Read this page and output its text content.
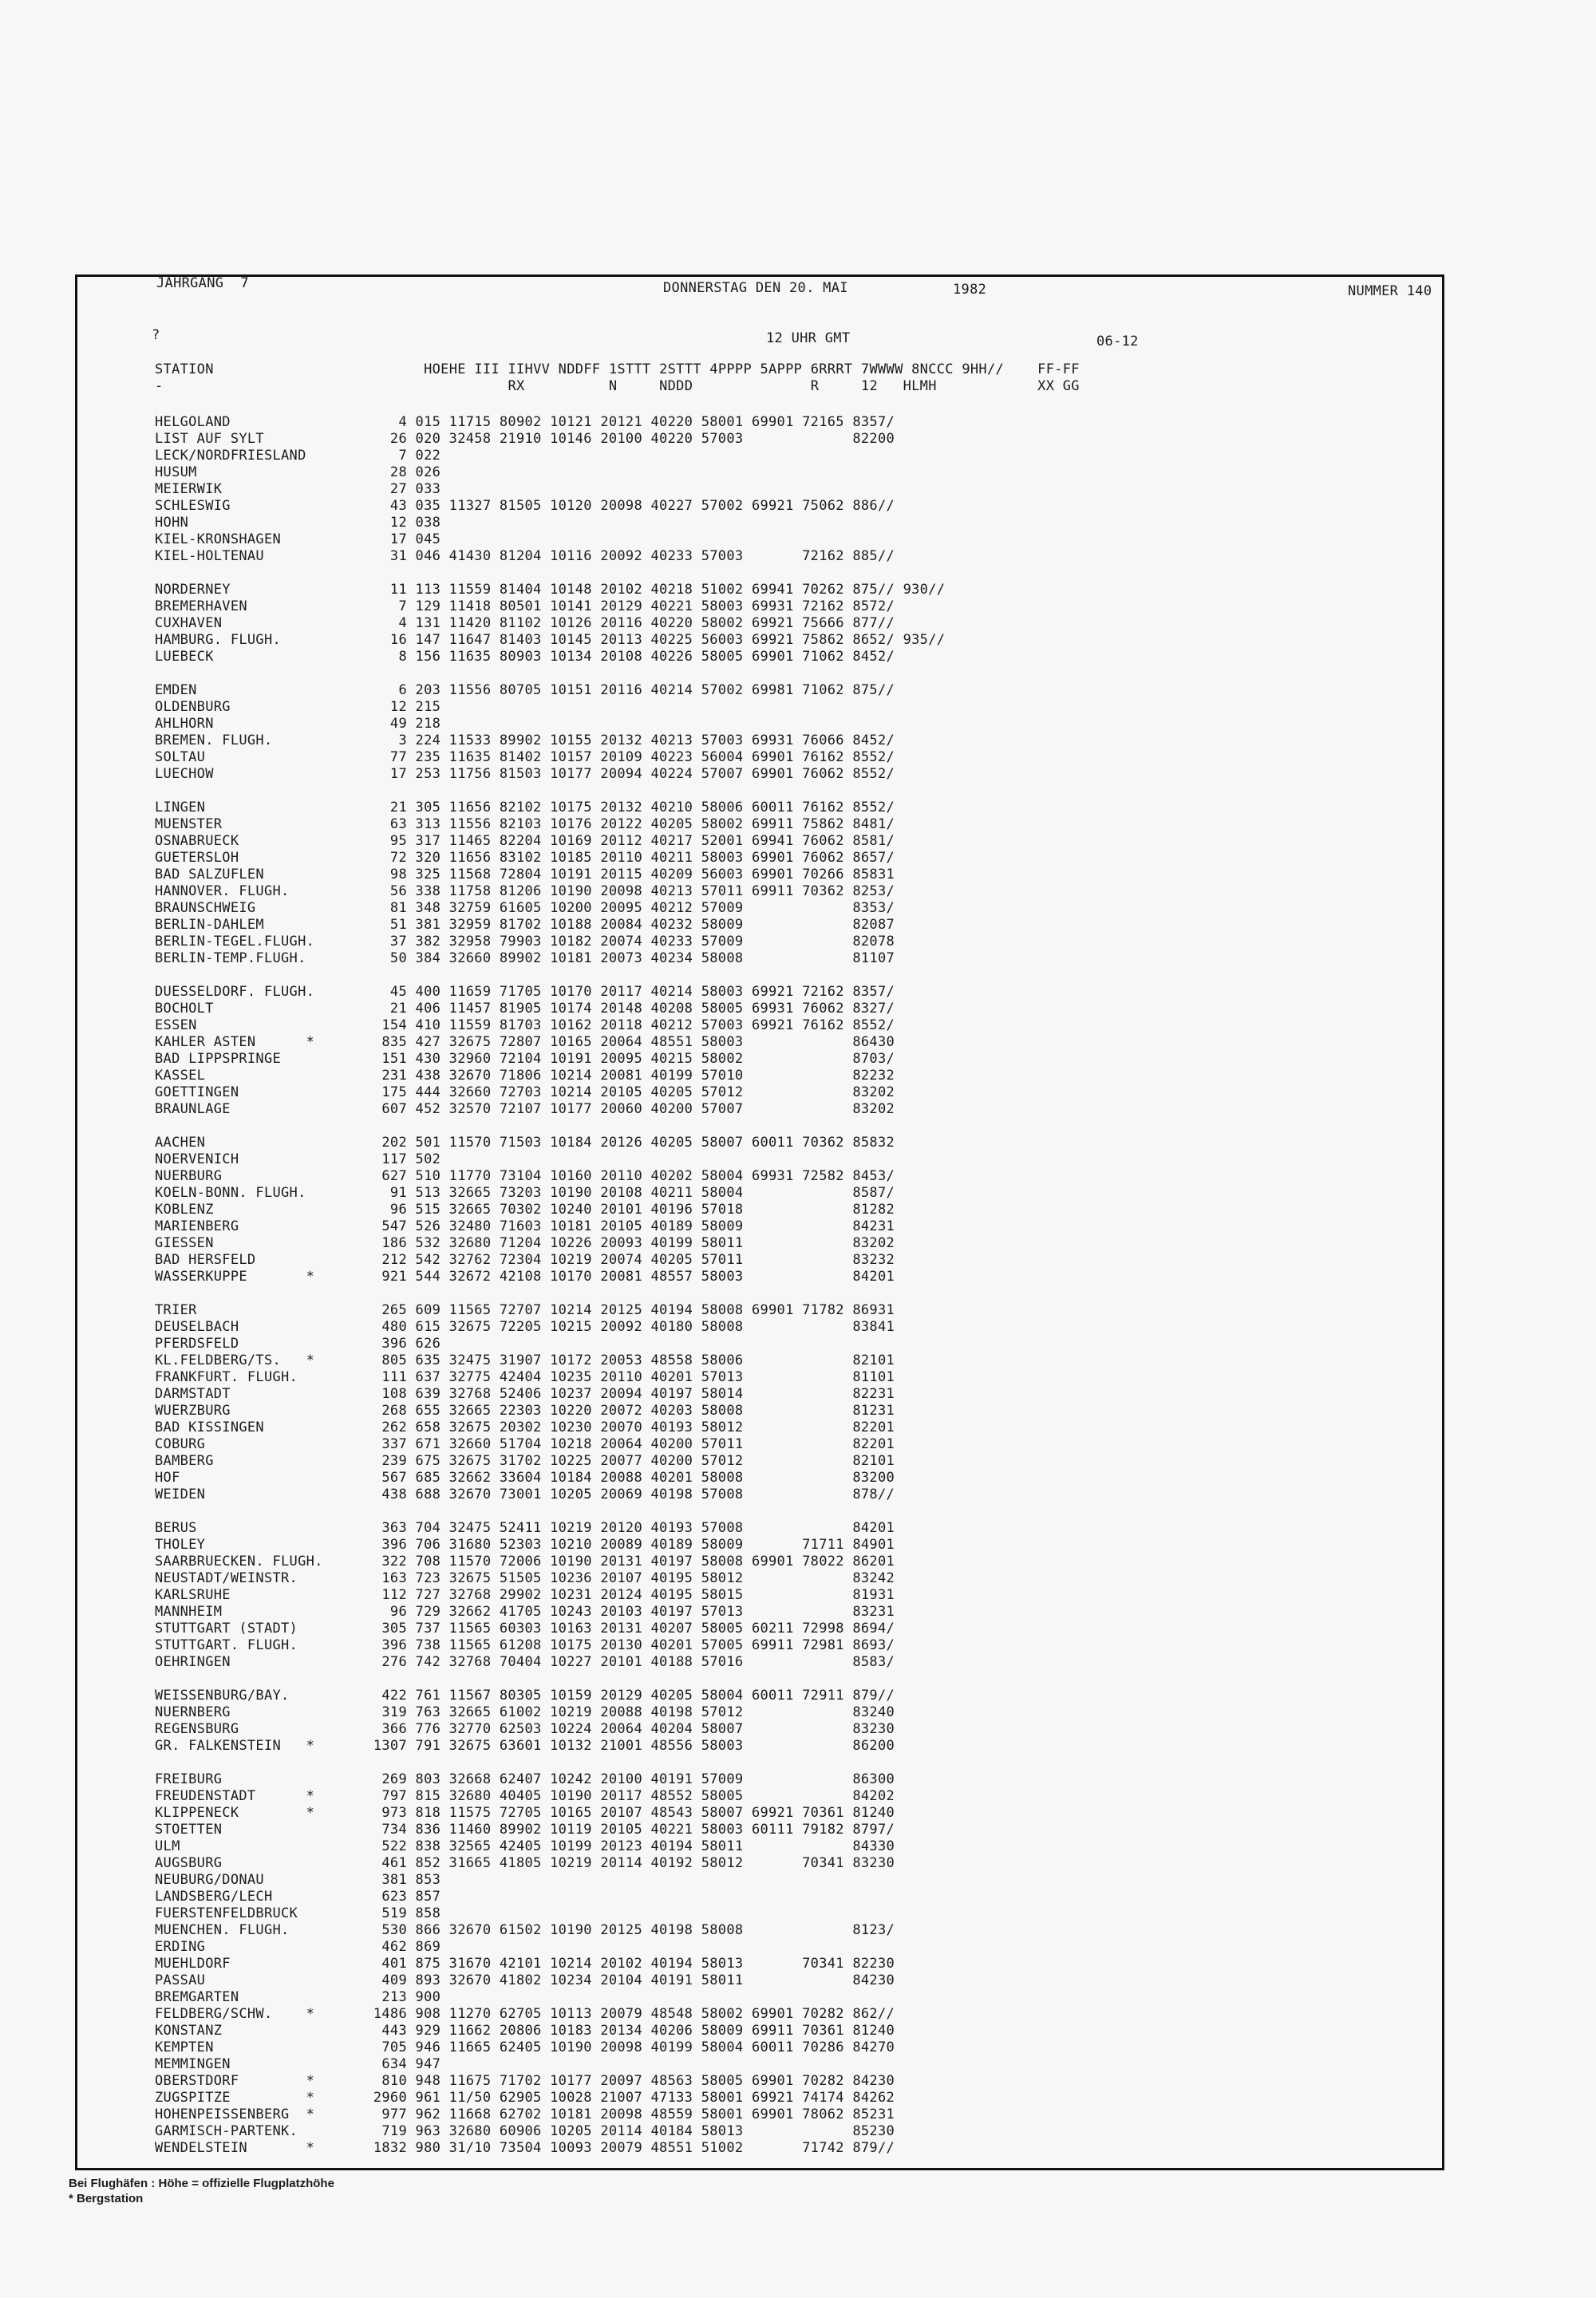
JAHRGANG  7	DONNERSTAG DEN 20. MAI	1982	NUMMER 140
?	12 UHR GMT	06-12
STATION                         HOEHE III IIHVV NDDFF 1STTT 2STTT 4PPPP 5APPP 6RRRT 7WWWW 8NCCC 9HH//    FF-FF
-                                         RX          N     NDDD              R     12   HLMH            XX GG
HELGOLAND	4 015 11715 80902 10121 20121 40220 58001 69901 72165 8357/
LIST AUF SYLT	26 020 32458 21910 10146 20100 40220 57003             82200
LECK/NORDFRIESLAND	7 022
HUSUM	28 026
MEIERWIK	27 033
SCHLESWIG	43 035 11327 81505 10120 20098 40227 57002 69921 75062 886//
HOHN	12 038
KIEL-KRONSHAGEN	17 045
KIEL-HOLTENAU	31 046 41430 81204 10116 20092 40233 57003       72162 885//
NORDERNEY	11 113 11559 81404 10148 20102 40218 51002 69941 70262 875// 930//
BREMERHAVEN	7 129 11418 80501 10141 20129 40221 58003 69931 72162 8572/
CUXHAVEN	4 131 11420 81102 10126 20116 40220 58002 69921 75666 877//
HAMBURG. FLUGH.	16 147 11647 81403 10145 20113 40225 56003 69921 75862 8652/ 935//
LUEBECK	8 156 11635 80903 10134 20108 40226 58005 69901 71062 8452/
EMDEN	6 203 11556 80705 10151 20116 40214 57002 69981 71062 875//
OLDENBURG	12 215
AHLHORN	49 218
BREMEN. FLUGH.	3 224 11533 89902 10155 20132 40213 57003 69931 76066 8452/
SOLTAU	77 235 11635 81402 10157 20109 40223 56004 69901 76162 8552/
LUECHOW	17 253 11756 81503 10177 20094 40224 57007 69901 76062 8552/
LINGEN	21 305 11656 82102 10175 20132 40210 58006 60011 76162 8552/
MUENSTER	63 313 11556 82103 10176 20122 40205 58002 69911 75862 8481/
OSNABRUECK	95 317 11465 82204 10169 20112 40217 52001 69941 76062 8581/
GUETERSLOH	72 320 11656 83102 10185 20110 40211 58003 69901 76062 8657/
BAD SALZUFLEN	98 325 11568 72804 10191 20115 40209 56003 69901 70266 85831
HANNOVER. FLUGH.	56 338 11758 81206 10190 20098 40213 57011 69911 70362 8253/
BRAUNSCHWEIG	81 348 32759 61605 10200 20095 40212 57009             8353/
BERLIN-DAHLEM	51 381 32959 81702 10188 20084 40232 58009             82087
BERLIN-TEGEL.FLUGH.	37 382 32958 79903 10182 20074 40233 57009             82078
BERLIN-TEMP.FLUGH.	50 384 32660 89902 10181 20073 40234 58008             81107
DUESSELDORF. FLUGH.	45 400 11659 71705 10170 20117 40214 58003 69921 72162 8357/
BOCHOLT	21 406 11457 81905 10174 20148 40208 58005 69931 76062 8327/
ESSEN	154 410 11559 81703 10162 20118 40212 57003 69921 76162 8552/
KAHLER ASTEN      *	835 427 32675 72807 10165 20064 48551 58003             86430
BAD LIPPSPRINGE	151 430 32960 72104 10191 20095 40215 58002             8703/
KASSEL	231 438 32670 71806 10214 20081 40199 57010             82232
GOETTINGEN	175 444 32660 72703 10214 20105 40205 57012             83202
BRAUNLAGE	607 452 32570 72107 10177 20060 40200 57007             83202
AACHEN	202 501 11570 71503 10184 20126 40205 58007 60011 70362 85832
NOERVENICH	117 502
NUERBURG	627 510 11770 73104 10160 20110 40202 58004 69931 72582 8453/
KOELN-BONN. FLUGH.	91 513 32665 73203 10190 20108 40211 58004             8587/
KOBLENZ	96 515 32665 70302 10240 20101 40196 57018             81282
MARIENBERG	547 526 32480 71603 10181 20105 40189 58009             84231
GIESSEN	186 532 32680 71204 10226 20093 40199 58011             83202
BAD HERSFELD	212 542 32762 72304 10219 20074 40205 57011             83232
WASSERKUPPE       *	921 544 32672 42108 10170 20081 48557 58003             84201
TRIER	265 609 11565 72707 10214 20125 40194 58008 69901 71782 86931
DEUSELBACH	480 615 32675 72205 10215 20092 40180 58008             83841
PFERDSFELD	396 626
KL.FELDBERG/TS.   *	805 635 32475 31907 10172 20053 48558 58006             82101
FRANKFURT. FLUGH.	111 637 32775 42404 10235 20110 40201 57013             81101
DARMSTADT	108 639 32768 52406 10237 20094 40197 58014             82231
WUERZBURG	268 655 32665 22303 10220 20072 40203 58008             81231
BAD KISSINGEN	262 658 32675 20302 10230 20070 40193 58012             82201
COBURG	337 671 32660 51704 10218 20064 40200 57011             82201
BAMBERG	239 675 32675 31702 10225 20077 40200 57012             82101
HOF	567 685 32662 33604 10184 20088 40201 58008             83200
WEIDEN	438 688 32670 73001 10205 20069 40198 57008             878//
BERUS	363 704 32475 52411 10219 20120 40193 57008             84201
THOLEY	396 706 31680 52303 10210 20089 40189 58009       71711 84901
SAARBRUECKEN. FLUGH.	322 708 11570 72006 10190 20131 40197 58008 69901 78022 86201
NEUSTADT/WEINSTR.	163 723 32675 51505 10236 20107 40195 58012             83242
KARLSRUHE	112 727 32768 29902 10231 20124 40195 58015             81931
MANNHEIM	96 729 32662 41705 10243 20103 40197 57013             83231
STUTTGART (STADT)	305 737 11565 60303 10163 20131 40207 58005 60211 72998 8694/
STUTTGART. FLUGH.	396 738 11565 61208 10175 20130 40201 57005 69911 72981 8693/
OEHRINGEN	276 742 32768 70404 10227 20101 40188 57016             8583/
WEISSENBURG/BAY.	422 761 11567 80305 10159 20129 40205 58004 60011 72911 879//
NUERNBERG	319 763 32665 61002 10219 20088 40198 57012             83240
REGENSBURG	366 776 32770 62503 10224 20064 40204 58007             83230
GR. FALKENSTEIN   *	1307 791 32675 63601 10132 21001 48556 58003             86200
FREIBURG	269 803 32668 62407 10242 20100 40191 57009             86300
FREUDENSTADT      *	797 815 32680 40405 10190 20117 48552 58005             84202
KLIPPENECK        *	973 818 11575 72705 10165 20107 48543 58007 69921 70361 81240
STOETTEN	734 836 11460 89902 10119 20105 40221 58003 60111 79182 8797/
ULM	522 838 32565 42405 10199 20123 40194 58011             84330
AUGSBURG	461 852 31665 41805 10219 20114 40192 58012       70341 83230
NEUBURG/DONAU	381 853
LANDSBERG/LECH	623 857
FUERSTENFELDBRUCK	519 858
MUENCHEN. FLUGH.	530 866 32670 61502 10190 20125 40198 58008             8123/
ERDING	462 869
MUEHLDORF	401 875 31670 42101 10214 20102 40194 58013       70341 82230
PASSAU	409 893 32670 41802 10234 20104 40191 58011             84230
BREMGARTEN	213 900
FELDBERG/SCHW.    *	1486 908 11270 62705 10113 20079 48548 58002 69901 70282 862//
KONSTANZ	443 929 11662 20806 10183 20134 40206 58009 69911 70361 81240
KEMPTEN	705 946 11665 62405 10190 20098 40199 58004 60011 70286 84270
MEMMINGEN	634 947
OBERSTDORF        *	810 948 11675 71702 10177 20097 48563 58005 69901 70282 84230
ZUGSPITZE         *	2960 961 11/50 62905 10028 21007 47133 58001 69921 74174 84262
HOHENPEISSENBERG  *	977 962 11668 62702 10181 20098 48559 58001 69901 78062 85231
GARMISCH-PARTENK.	719 963 32680 60906 10205 20114 40184 58013             85230
WENDELSTEIN       *	1832 980 31/10 73504 10093 20079 48551 51002       71742 879//
Bei Flughäfen : Höhe = offizielle Flugplatzhöhe
* Bergstation
